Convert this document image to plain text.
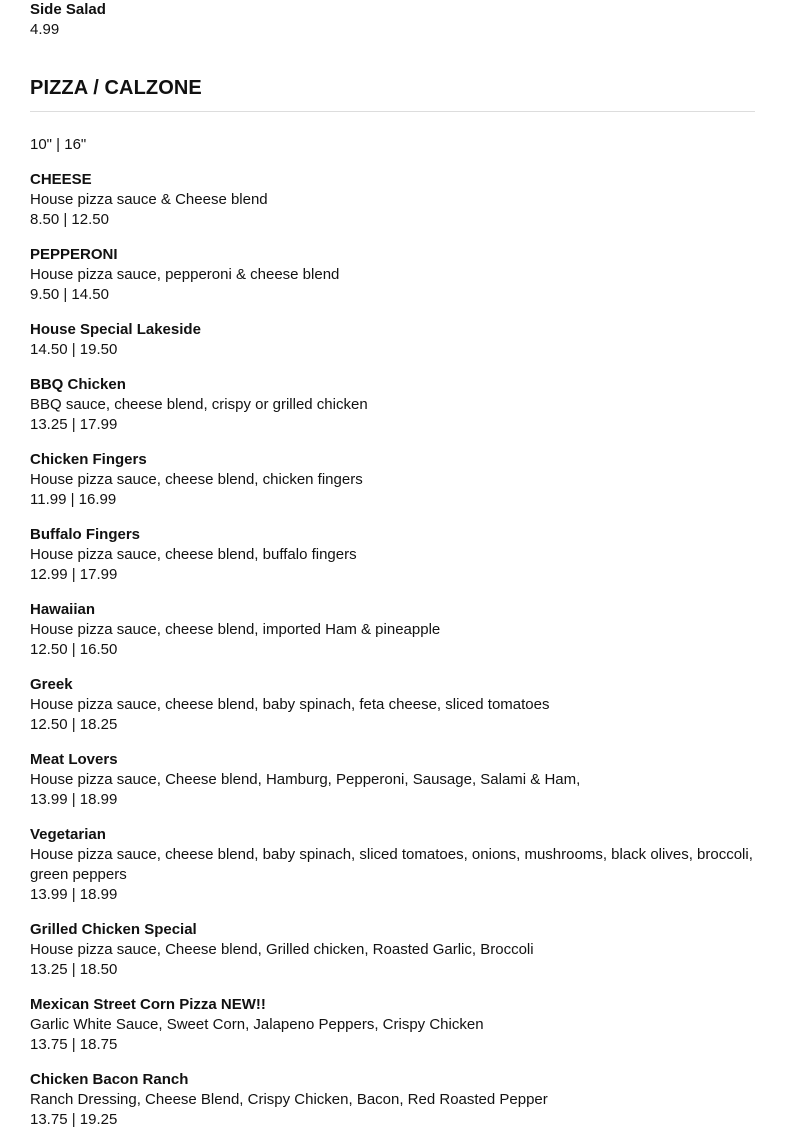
Side Salad
4.99
PIZZA / CALZONE
10" | 16"
CHEESE
House pizza sauce & Cheese blend
8.50 | 12.50
PEPPERONI
House pizza sauce, pepperoni & cheese blend
9.50 | 14.50
House Special Lakeside
14.50 | 19.50
BBQ Chicken
BBQ sauce, cheese blend, crispy or grilled chicken
13.25 | 17.99
Chicken Fingers
House pizza sauce, cheese blend, chicken fingers
11.99 | 16.99
Buffalo Fingers
House pizza sauce, cheese blend, buffalo fingers
12.99 | 17.99
Hawaiian
House pizza sauce, cheese blend, imported Ham & pineapple
12.50 | 16.50
Greek
House pizza sauce, cheese blend, baby spinach, feta cheese, sliced tomatoes
12.50 | 18.25
Meat Lovers
House pizza sauce, Cheese blend, Hamburg, Pepperoni, Sausage, Salami & Ham,
13.99 | 18.99
Vegetarian
House pizza sauce, cheese blend, baby spinach, sliced tomatoes, onions, mushrooms, black olives, broccoli, green peppers
13.99 | 18.99
Grilled Chicken Special
House pizza sauce, Cheese blend, Grilled chicken, Roasted Garlic, Broccoli
13.25 | 18.50
Mexican Street Corn Pizza NEW!!
Garlic White Sauce, Sweet Corn, Jalapeno Peppers, Crispy Chicken
13.75 | 18.75
Chicken Bacon Ranch
Ranch Dressing, Cheese Blend, Crispy Chicken, Bacon, Red Roasted Pepper
13.75 | 19.25
